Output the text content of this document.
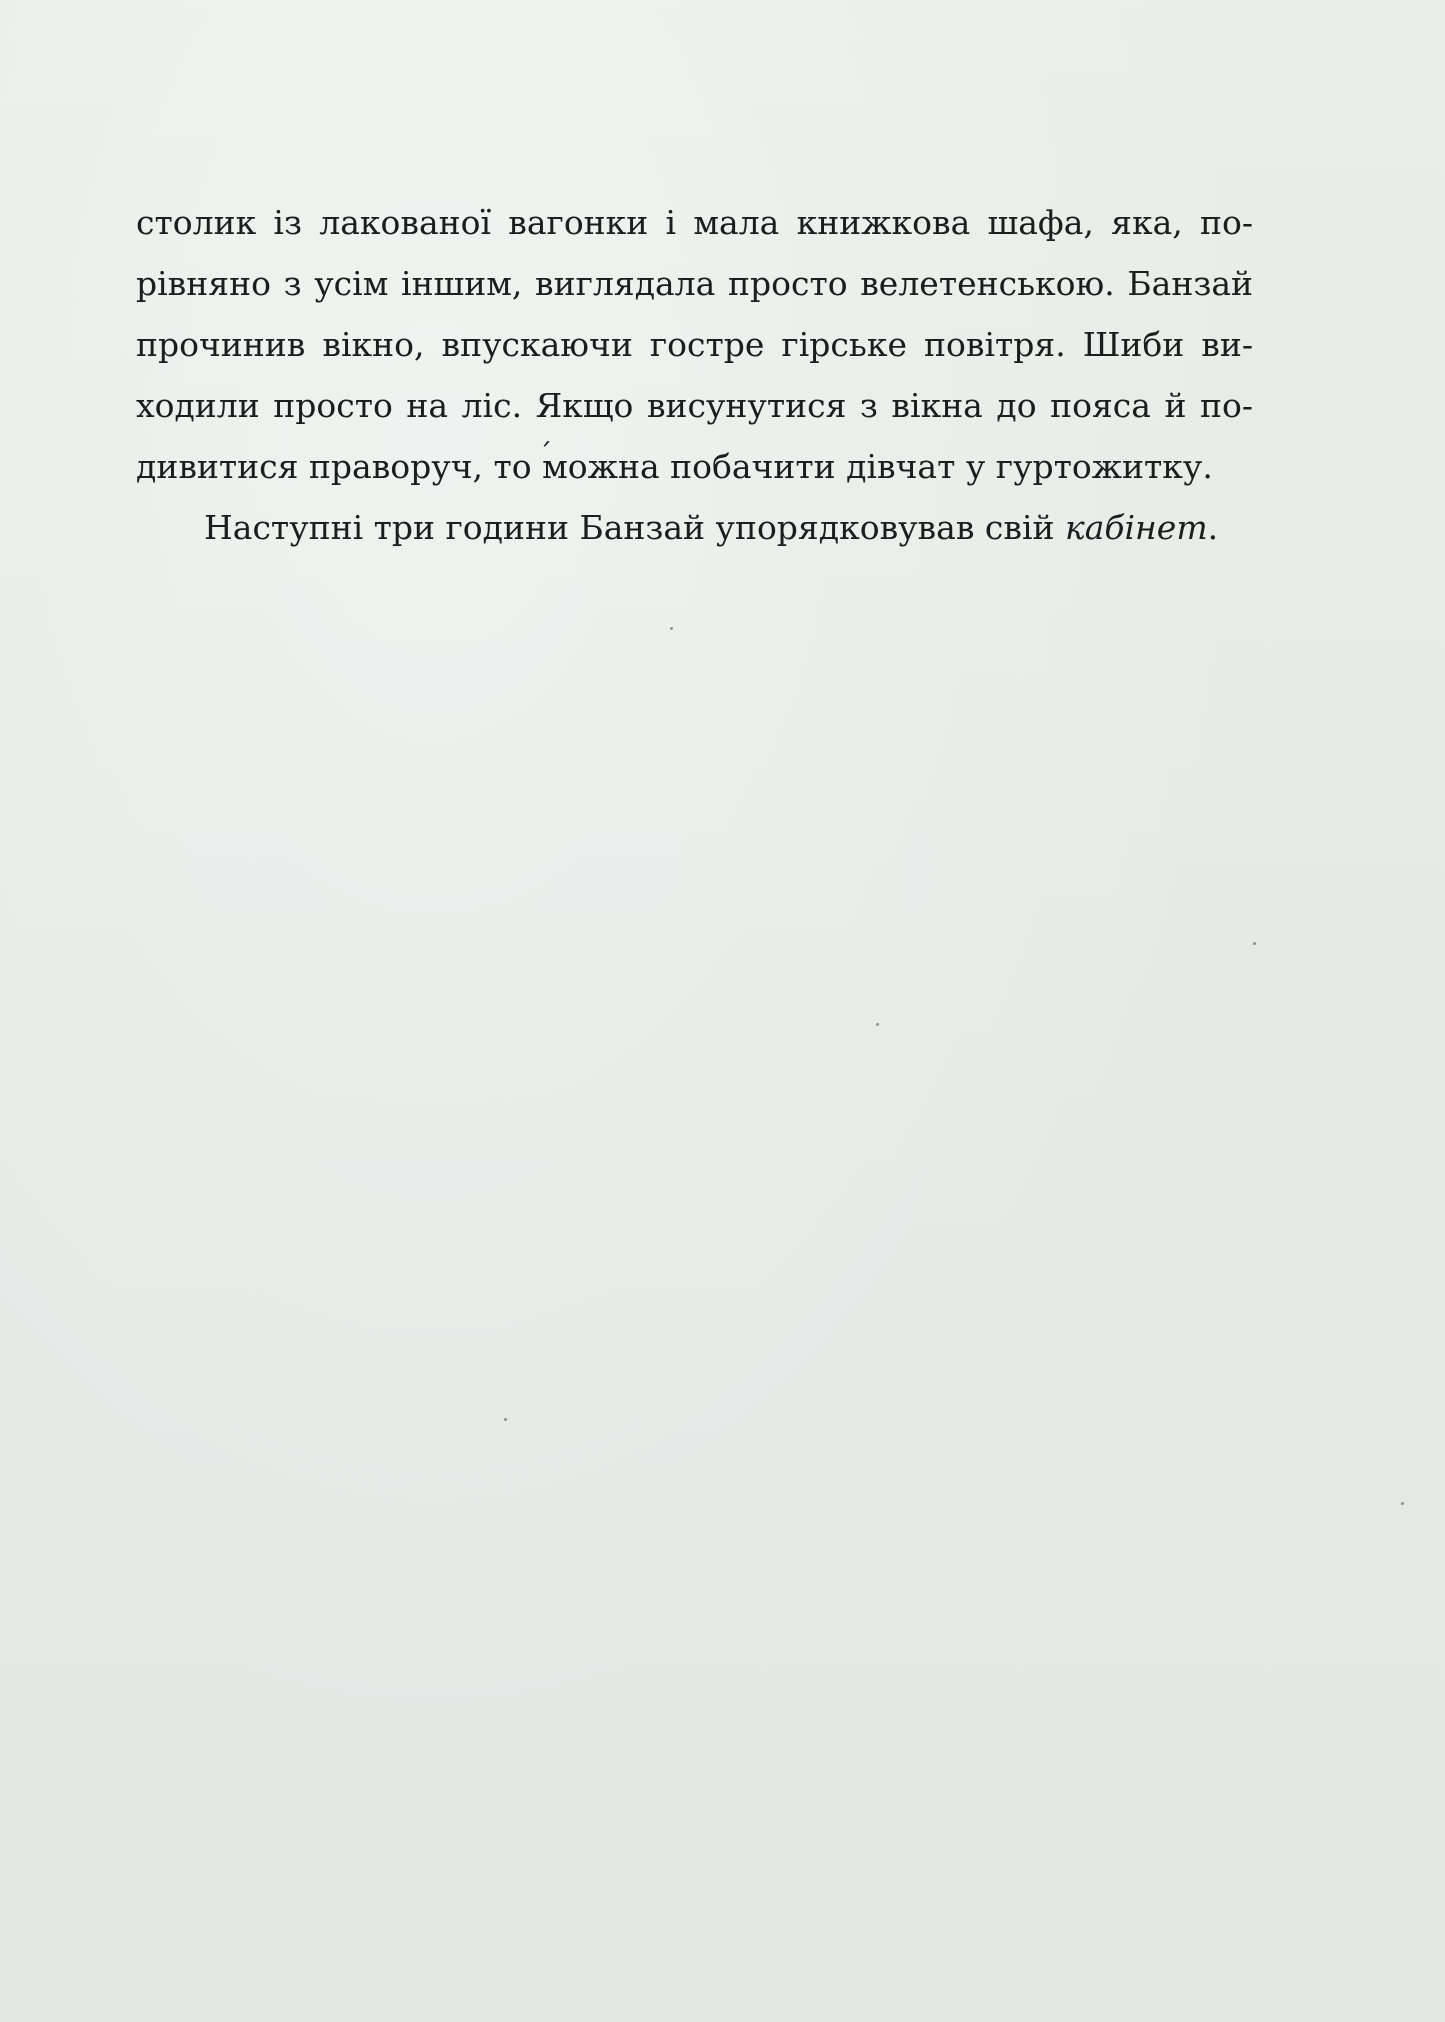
столик із лакованої вагонки і мала книжкова шафа, яка, по-
рівняно з усім іншим, виглядала просто велетенською. Банзай
прочинив вікно, впускаючи гостре гірське повітря. Шиби ви-
ходили просто на ліс. Якщо висунутися з вікна до пояса й по-
дивитися праворуч, то м
ожна побачити дівчат у гуртожитку.
Наступні три години Банзай упорядковував свій кабінет.
